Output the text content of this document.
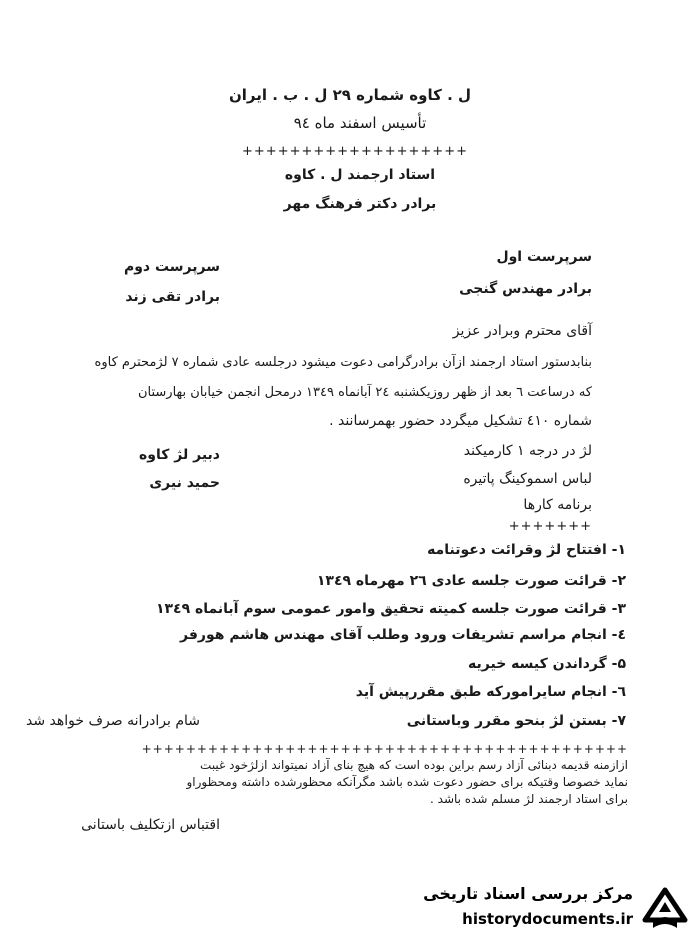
ل . کاوه شماره ۲۹ ل . ب . ایران
تأسیس اسفند ماه ۹٤
+++++++++++++++++++
استاد ارجمند ل . کاوه
برادر دکتر فرهنگ مهر
سرپرست اول
برادر مهندس گنجی
سرپرست دوم
برادر تقی زند
آقای محترم وبرادر عزیز
بنابدستور استاد ارجمند ازآن برادرگرامی دعوت میشود درجلسه عادی شماره ۷ لژمحترم کاوه
که درساعت ٦ بعد از ظهر روزیکشنبه ۲٤ آبانماه ۱۳٤۹ درمحل انجمن خیابان بهارستان
شماره ٤۱۰ تشکیل میگردد حضور بهمرسانند .
لژ در درجه ۱ کارمیکند
لباس اسموکینگ پاتیره
دبیر لژ کاوه
حمید نیری
برنامه کارها
+++++++
۱- افتتاح لژ وقرائت دعوتنامه
۲- قرائت صورت جلسه عادی ۲٦ مهرماه ۱۳٤۹
۳- قرائت صورت جلسه کمیته تحقیق وامور عمومی سوم آبانماه ۱۳٤۹
٤- انجام مراسم تشریفات ورود وطلب آقای مهندس هاشم هورفر
۵- گرداندن کیسه خیریه
٦- انجام سایرامورکه طبق مقررپیش آید
۷- بستن لژ بنحو مقرر وباستانی
شام برادرانه صرف خواهد شد
++++++++++++++++++++++++++++++++++++++++++++
ازازمنه قدیمه دبنائی آزاد رسم براین بوده است که هیچ بنای آزاد نمیتواند ازلژخود غیبت
نماید خصوصا وقتیکه برای حضور دعوت شده باشد مگرآنکه محظورشده داشته ومحظوراو
برای استاد ارجمند لژ مسلم شده باشد .
اقتباس ازتکلیف باستانی
مرکز بررسی اسناد تاریخی
historydocuments.ir
